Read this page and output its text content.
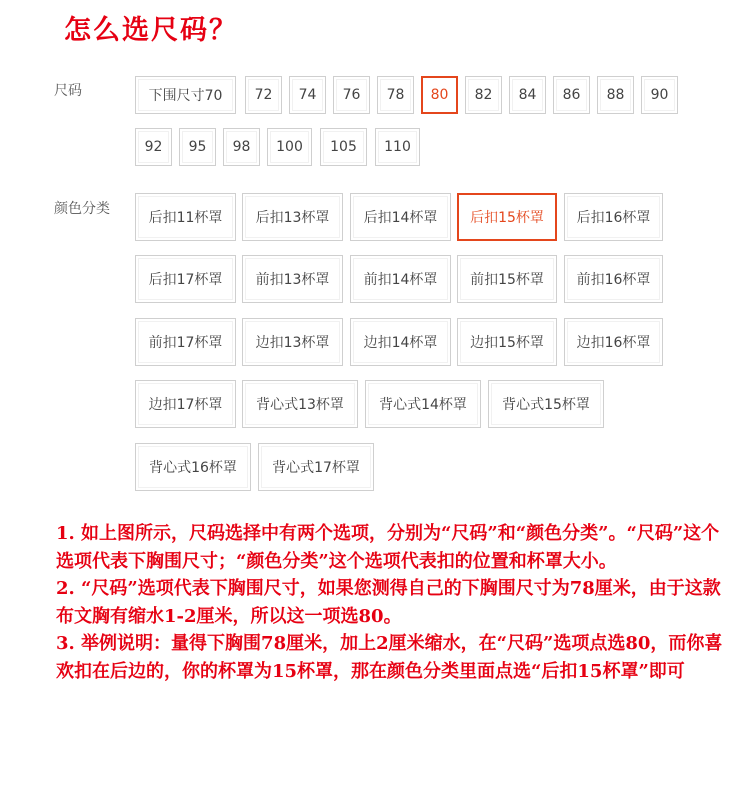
怎么选尺码？
尺码	下围尺寸70	72	74	76	78	80	82	84	86	88	90
92	95	98	100	105	110
颜色分类
后扣11杯罩	后扣13杯罩	后扣14杯罩	后扣15杯罩	后扣16杯罩
后扣17杯罩	前扣13杯罩	前扣14杯罩	前扣15杯罩	前扣16杯罩
前扣17杯罩	边扣13杯罩	边扣14杯罩	边扣15杯罩	边扣16杯罩
边扣17杯罩	背心式13杯罩	背心式14杯罩	背心式15杯罩
背心式16杯罩	背心式17杯罩

1. 如上图所示，尺码选择中有两个选项，分别为“尺码”和“颜色分类”。“尺码”这个选项代表下胸围尺寸；“颜色分类”这个选项代表扣的位置和杯罩大小。

2. “尺码”选项代表下胸围尺寸，如果您测得自己的下胸围尺寸为78厘米，由于这款布文胸有缩水1-2厘米，所以这一项选80。

3. 举例说明：量得下胸围78厘米，加上2厘米缩水，在“尺码”选项点选80，而你喜欢扣在后边的，你的杯罩为15杯罩，那在颜色分类里面点选“后扣15杯罩”即可
